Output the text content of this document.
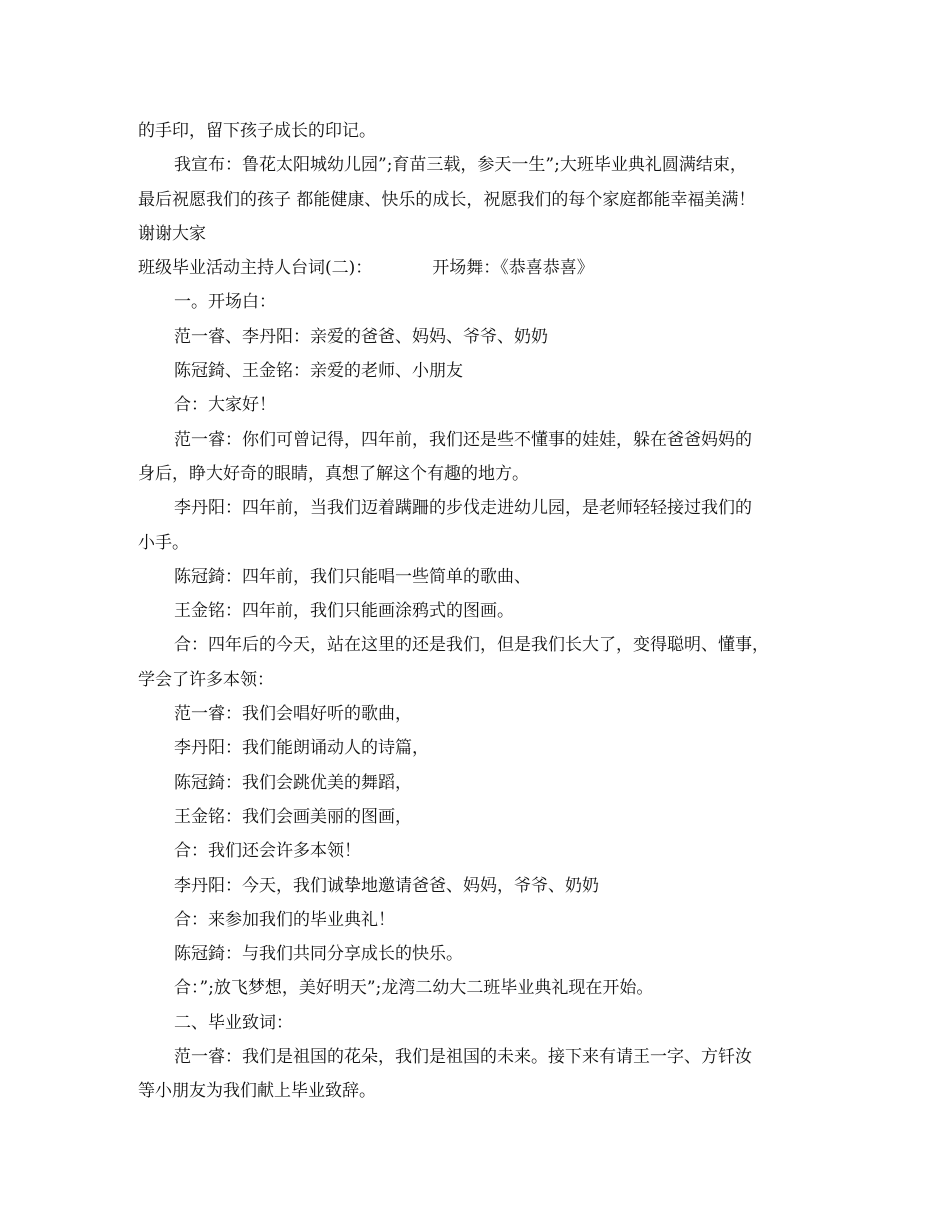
的手印，留下孩子成长的印记。
我宣布：鲁花太阳城幼儿园”;育苗三载，参天一生”;大班毕业典礼圆满结束，
最后祝愿我们的孩子 都能健康、快乐的成长，祝愿我们的每个家庭都能幸福美满！
谢谢大家
班级毕业活动主持人台词(二)：	开场舞：《恭喜恭喜》
一。开场白：
范一睿、李丹阳：亲爱的爸爸、妈妈、爷爷、奶奶
陈冠錡、王金铭：亲爱的老师、小朋友
合：大家好！
范一睿：你们可曾记得，四年前，我们还是些不懂事的娃娃，躲在爸爸妈妈的
身后，睁大好奇的眼睛，真想了解这个有趣的地方。
李丹阳：四年前，当我们迈着蹒跚的步伐走进幼儿园，是老师轻轻接过我们的
小手。
陈冠錡：四年前，我们只能唱一些简单的歌曲、
王金铭：四年前，我们只能画涂鸦式的图画。
合：四年后的今天，站在这里的还是我们，但是我们长大了，变得聪明、懂事，
学会了许多本领：
范一睿：我们会唱好听的歌曲，
李丹阳：我们能朗诵动人的诗篇，
陈冠錡：我们会跳优美的舞蹈，
王金铭：我们会画美丽的图画，
合：我们还会许多本领！
李丹阳：今天，我们诚挚地邀请爸爸、妈妈，爷爷、奶奶
合：来参加我们的毕业典礼！
陈冠錡：与我们共同分享成长的快乐。
合：”;放飞梦想，美好明天”;龙湾二幼大二班毕业典礼现在开始。
二、毕业致词：
范一睿：我们是祖国的花朵，我们是祖国的未来。接下来有请王一字、方钎汝
等小朋友为我们献上毕业致辞。
